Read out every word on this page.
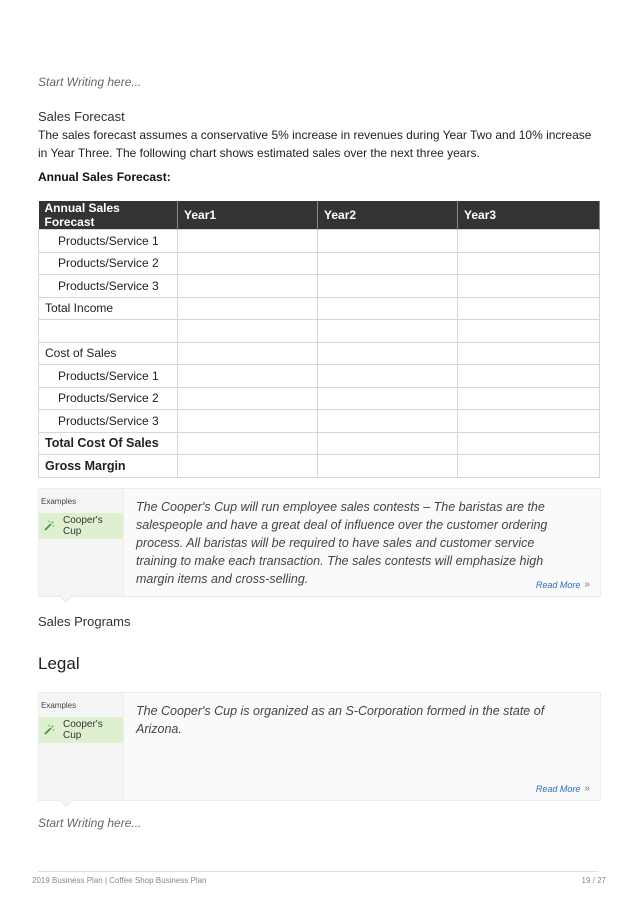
Start Writing here...
Sales Forecast
The sales forecast assumes a conservative 5% increase in revenues during Year Two and 10% increase in Year Three. The following chart shows estimated sales over the next three years.
Annual Sales Forecast:
Annual Sales Forecast	Year1	Year2	Year3
Products/Service 1			
Products/Service 2			
Products/Service 3			
Total Income			

Cost of Sales			
Products/Service 1			
Products/Service 2			
Products/Service 3			
Total Cost Of Sales			
Gross Margin			
Examples
Cooper's Cup
The Cooper's Cup will run employee sales contests – The baristas are the salespeople and have a great deal of influence over the customer ordering process. All baristas will be required to have sales and customer service training to make each transaction. The sales contests will emphasize high margin items and cross-selling.	Read More »
Sales Programs
Legal
Examples
Cooper's Cup
The Cooper's Cup is organized as an S-Corporation formed in the state of Arizona.
Read More »
Start Writing here...
2019 Business Plan | Coffee Shop Business Plan	19 / 27
